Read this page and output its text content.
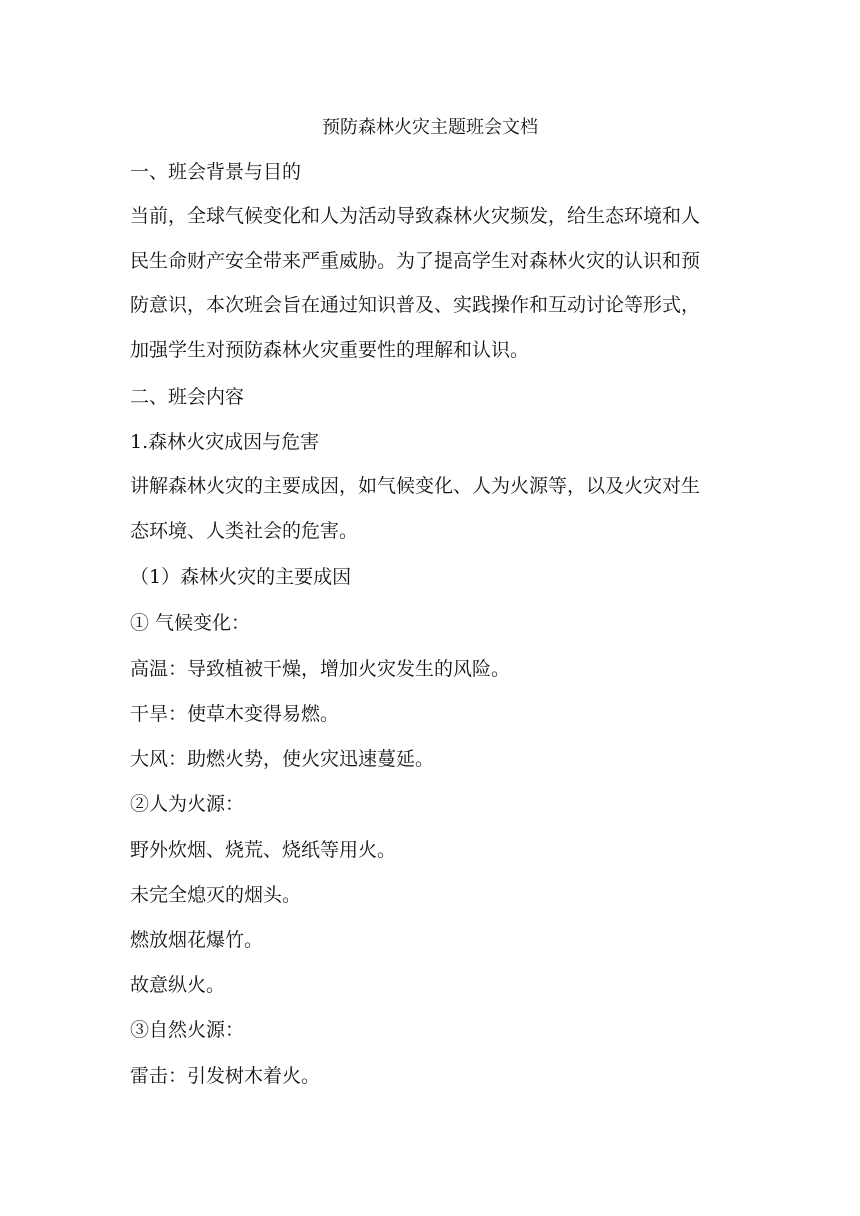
预防森林火灾主题班会文档
一、班会背景与目的
当前，全球气候变化和人为活动导致森林火灾频发，给生态环境和人
民生命财产安全带来严重威胁。为了提高学生对森林火灾的认识和预
防意识，本次班会旨在通过知识普及、实践操作和互动讨论等形式，
加强学生对预防森林火灾重要性的理解和认识。
二、班会内容
1.森林火灾成因与危害
讲解森林火灾的主要成因，如气候变化、人为火源等，以及火灾对生
态环境、人类社会的危害。
（1）森林火灾的主要成因
① 气候变化：
高温：导致植被干燥，增加火灾发生的风险。
干旱：使草木变得易燃。
大风：助燃火势，使火灾迅速蔓延。
②人为火源：
野外炊烟、烧荒、烧纸等用火。
未完全熄灭的烟头。
燃放烟花爆竹。
故意纵火。
③自然火源：
雷击：引发树木着火。
